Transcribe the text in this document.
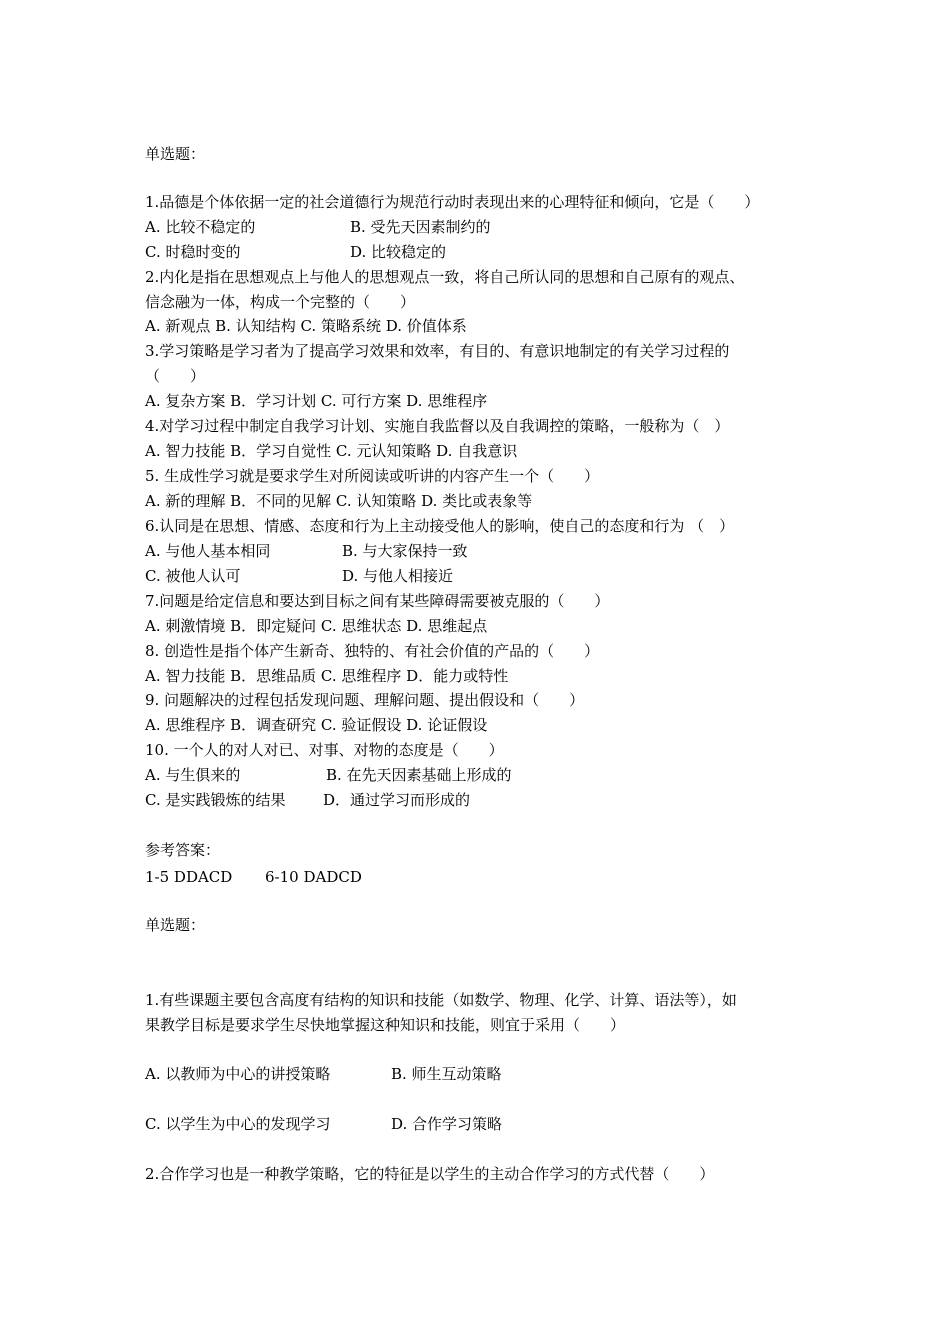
单选题：
1.品德是个体依据一定的社会道德行为规范行动时表现出来的心理特征和倾向，它是（　　）
A. 比较不稳定的	B. 受先天因素制约的
C. 时稳时变的	D. 比较稳定的
2.内化是指在思想观点上与他人的思想观点一致，将自己所认同的思想和自己原有的观点、
信念融为一体，构成一个完整的（　　）
A. 新观点 B. 认知结构 C. 策略系统 D. 价值体系
3.学习策略是学习者为了提高学习效果和效率，有目的、有意识地制定的有关学习过程的
（　　）
A. 复杂方案 B．学习计划 C. 可行方案 D. 思维程序
4.对学习过程中制定自我学习计划、实施自我监督以及自我调控的策略，一般称为（　）
A. 智力技能 B．学习自觉性 C. 元认知策略 D. 自我意识
5. 生成性学习就是要求学生对所阅读或听讲的内容产生一个（　　）
A. 新的理解 B．不同的见解 C. 认知策略 D. 类比或表象等
6.认同是在思想、情感、态度和行为上主动接受他人的影响，使自己的态度和行为 （　）
A. 与他人基本相同	B. 与大家保持一致
C. 被他人认可	D. 与他人相接近
7.问题是给定信息和要达到目标之间有某些障碍需要被克服的（　　）
A. 刺激情境 B．即定疑问 C. 思维状态 D. 思维起点
8. 创造性是指个体产生新奇、独特的、有社会价值的产品的（　　）
A. 智力技能 B．思维品质 C. 思维程序 D．能力或特性
9. 问题解决的过程包括发现问题、理解问题、提出假设和（　　）
A. 思维程序 B．调查研究 C. 验证假设 D. 论证假设
10. 一个人的对人对已、对事、对物的态度是（　　）
A. 与生俱来的	B. 在先天因素基础上形成的
C. 是实践锻炼的结果	D．通过学习而形成的
参考答案：
1-5 DDACD 6-10 DADCD
单选题：
1.有些课题主要包含高度有结构的知识和技能（如数学、物理、化学、计算、语法等），如
果教学目标是要求学生尽快地掌握这种知识和技能，则宜于采用（　　）
A. 以教师为中心的讲授策略	B. 师生互动策略
C. 以学生为中心的发现学习	D. 合作学习策略
2.合作学习也是一种教学策略，它的特征是以学生的主动合作学习的方式代替（　　）
